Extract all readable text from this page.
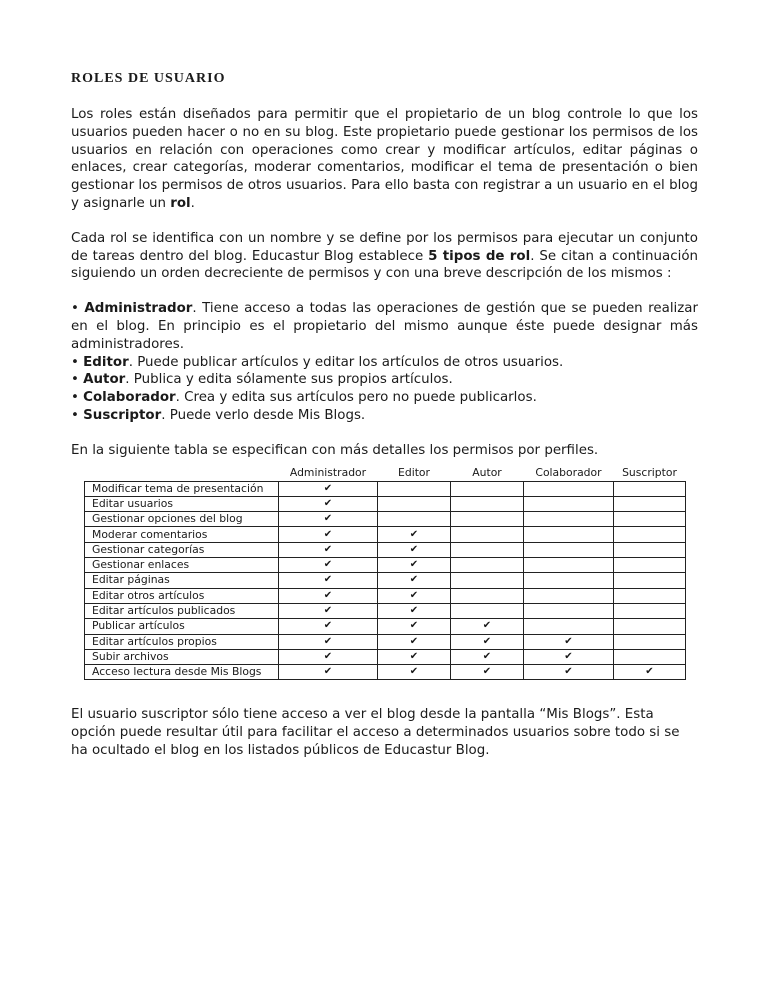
ROLES DE USUARIO

Los roles están diseñados para permitir que el propietario de un blog controle lo que los usuarios pueden hacer o no en su blog. Este propietario puede gestionar los permisos de los usuarios en relación con operaciones como crear y modificar artículos, editar páginas o enlaces, crear categorías, moderar comentarios, modificar el tema de presentación o bien gestionar los permisos de otros usuarios. Para ello basta con registrar a un usuario en el blog y asignarle un rol.

Cada rol se identifica con un nombre y se define por los permisos para ejecutar un conjunto de tareas dentro del blog. Educastur Blog establece 5 tipos de rol. Se citan a continuación siguiendo un orden decreciente de permisos y con una breve descripción de los mismos :

• Administrador. Tiene acceso a todas las operaciones de gestión que se pueden realizar en el blog. En principio es el propietario del mismo aunque éste puede designar más administradores.
• Editor. Puede publicar artículos y editar los artículos de otros usuarios.
• Autor. Publica y edita sólamente sus propios artículos.
• Colaborador. Crea y edita sus artículos pero no puede publicarlos.
• Suscriptor. Puede verlo desde Mis Blogs.

En la siguiente tabla se especifican con más detalles los permisos por perfiles.

	Administrador	Editor	Autor	Colaborador	Suscriptor
Modificar tema de presentación	✔				
Editar usuarios	✔				
Gestionar opciones del blog	✔				
Moderar comentarios	✔	✔			
Gestionar categorías	✔	✔			
Gestionar enlaces	✔	✔			
Editar páginas	✔	✔			
Editar otros artículos	✔	✔			
Editar artículos publicados	✔	✔			
Publicar artículos	✔	✔	✔		
Editar artículos propios	✔	✔	✔	✔	
Subir archivos	✔	✔	✔	✔	
Acceso lectura desde Mis Blogs	✔	✔	✔	✔	✔

El usuario suscriptor sólo tiene acceso a ver el blog desde la pantalla “Mis Blogs”. Esta opción puede resultar útil para facilitar el acceso a determinados usuarios sobre todo si se ha ocultado el blog en los listados públicos de Educastur Blog.
